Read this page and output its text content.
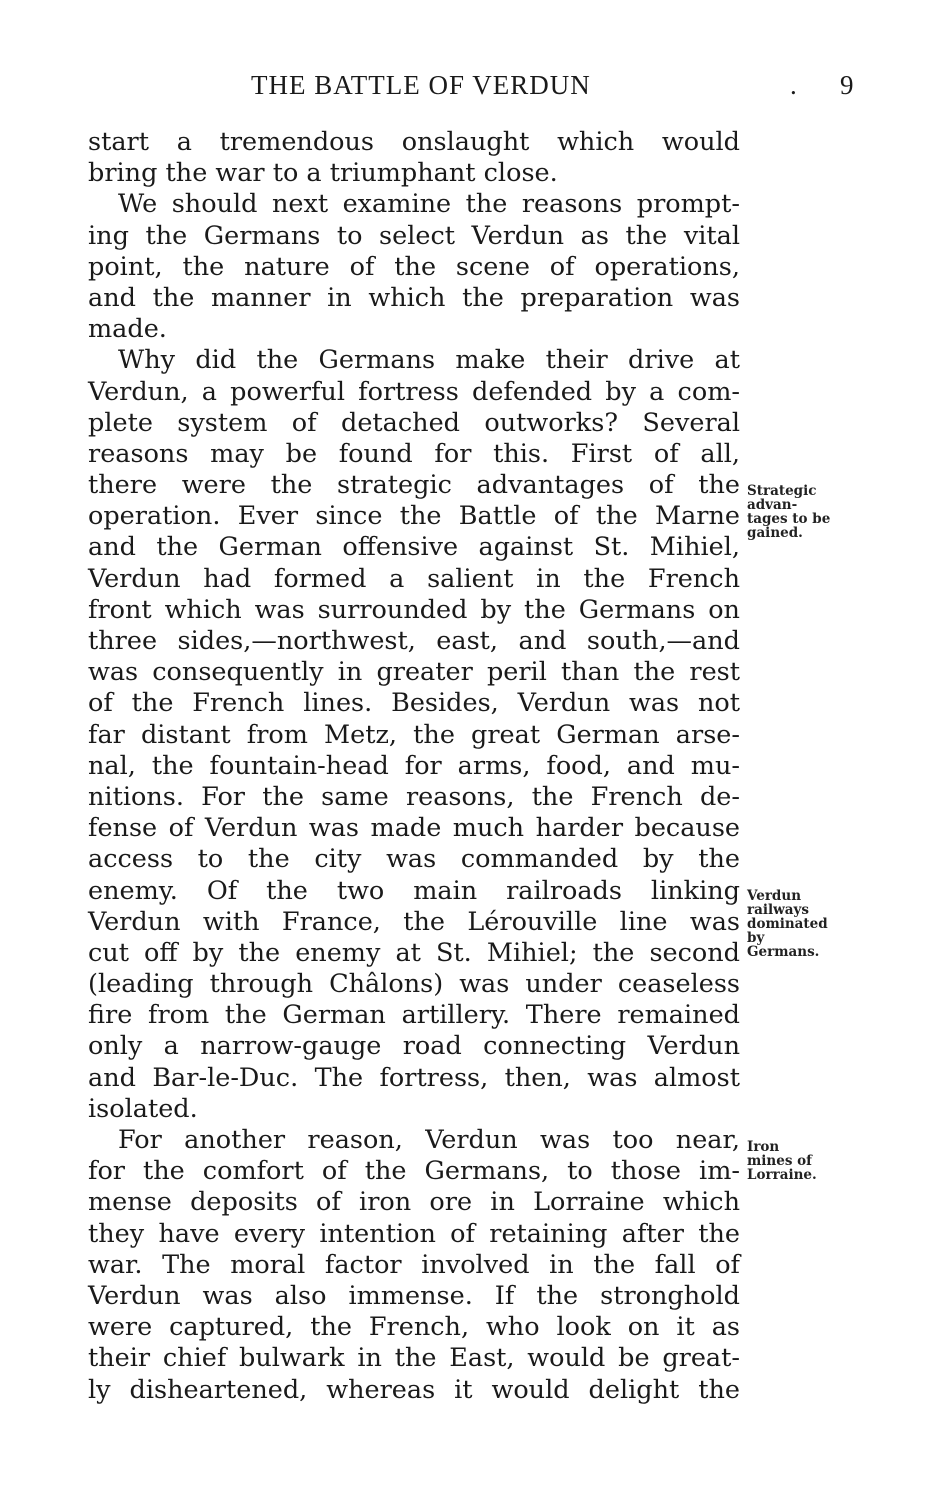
THE BATTLE OF VERDUN	. 9
start a tremendous onslaught which would
bring the war to a triumphant close.
We should next examine the reasons prompt-
ing the Germans to select Verdun as the vital
point, the nature of the scene of operations,
and the manner in which the preparation was
made.
Why did the Germans make their drive at
Verdun, a powerful fortress defended by a com-
plete system of detached outworks? Several
reasons may be found for this. First of all,
there were the strategic advantages of the
operation. Ever since the Battle of the Marne
and the German offensive against St. Mihiel,
Verdun had formed a salient in the French
front which was surrounded by the Germans on
three sides,—northwest, east, and south,—and
was consequently in greater peril than the rest
of the French lines. Besides, Verdun was not
far distant from Metz, the great German arse-
nal, the fountain-head for arms, food, and mu-
nitions. For the same reasons, the French de-
fense of Verdun was made much harder because
access to the city was commanded by the
enemy. Of the two main railroads linking
Verdun with France, the Lérouville line was
cut off by the enemy at St. Mihiel; the second
(leading through Châlons) was under ceaseless
fire from the German artillery. There remained
only a narrow-gauge road connecting Verdun
and Bar-le-Duc. The fortress, then, was almost
isolated.
For another reason, Verdun was too near,
for the comfort of the Germans, to those im-
mense deposits of iron ore in Lorraine which
they have every intention of retaining after the
war. The moral factor involved in the fall of
Verdun was also immense. If the stronghold
were captured, the French, who look on it as
their chief bulwark in the East, would be great-
ly disheartened, whereas it would delight the
Strategic
advan-
tages to be
gained.
Verdun
railways
dominated
by
Germans.
Iron
mines of
Lorraine.
